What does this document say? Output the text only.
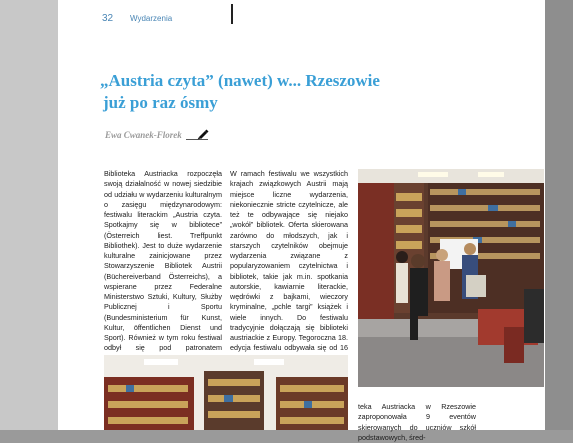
32 Wydarzenia
„Austria czyta” (nawet) w... Rzeszowie
już po raz ósmy
Ewa Cwanek-Florek

Biblioteka Austriacka rozpoczęła swoją działalność w nowej siedzibie od udziału w wydarzeniu kulturalnym o zasięgu międzynarodowym: festiwalu literackim „Austria czyta. Spotkajmy się w bibliotece” (Österreich liest. Treffpunkt Bibliothek). Jest to duże wydarzenie kulturalne zainicjowane przez Stowarzyszenie Bibliotek Austrii (Büchereiverband Österreichs), a wspierane przez Federalne Ministerstwo Sztuki, Kultury, Służby Publicznej i Sportu (Bundesministerium für Kunst, Kultur, öffentlichen Dienst und Sport). Również w tym roku festiwal odbył się pod patronatem

W ramach festiwalu we wszystkich krajach związkowych Austrii mają miejsce liczne wydarzenia, niekoniecznie stricte czytelnicze, ale też te odbywające się niejako „wokół” bibliotek. Oferta skierowana zarówno do młodszych, jak i starszych czytelników obejmuje wydarzenia związane z popularyzowaniem czytelnictwa i bibliotek, takie jak m.in. spotkania autorskie, kawiarnie literackie, wędrówki z bajkami, wieczory kryminalne, „pchle targi” książek i wiele innych. Do festiwalu tradycyjnie dołączają się biblioteki austriackie z Europy. Tegoroczna 18. edycja festiwalu odbywała się od 16

teka Austriacka w Rzeszowie zaproponowała 9 eventów skierowanych do uczniów szkół podstawowych, śred-
